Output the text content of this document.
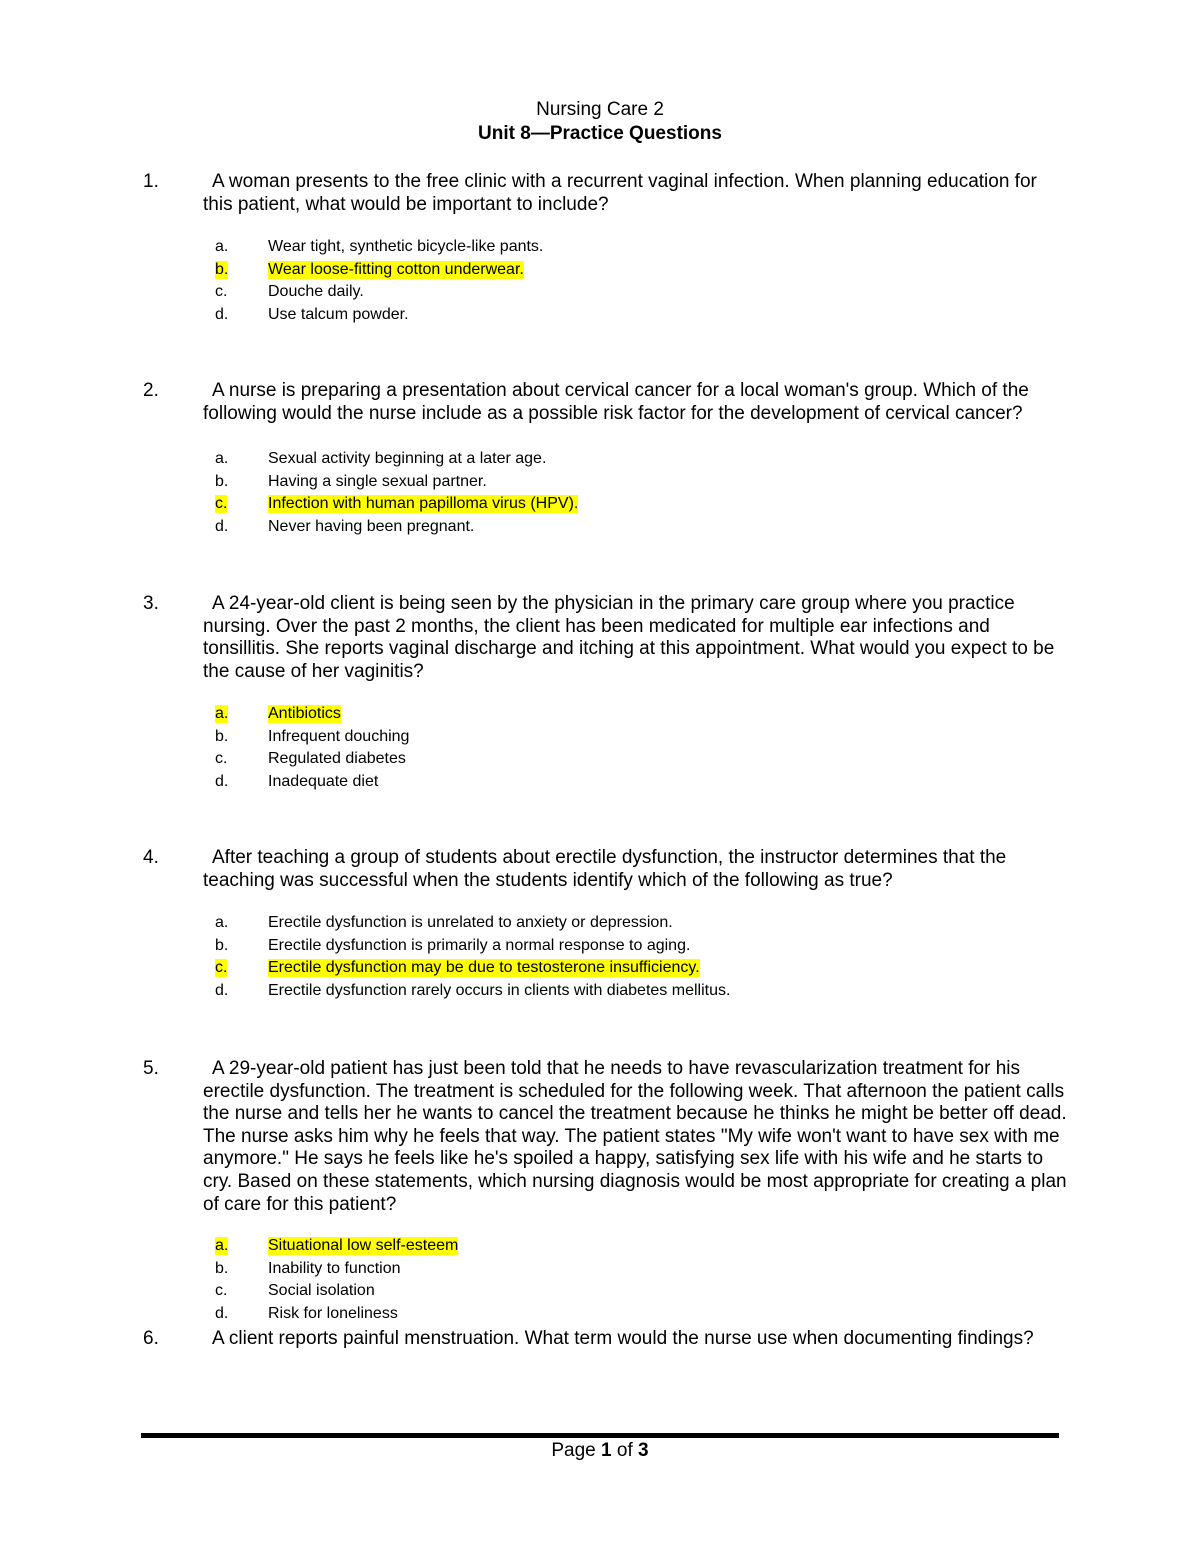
Nursing Care 2
Unit 8—Practice Questions
1.	A woman presents to the free clinic with a recurrent vaginal infection. When planning education for this patient, what would be important to include?
a. Wear tight, synthetic bicycle-like pants.
b. Wear loose-fitting cotton underwear.
c.	Douche daily.
d. Use talcum powder.
2.	A nurse is preparing a presentation about cervical cancer for a local woman's group. Which of the following would the nurse include as a possible risk factor for the development of cervical cancer?
a. Sexual activity beginning at a later age.
b. Having a single sexual partner.
c.	Infection with human papilloma virus (HPV).
d. Never having been pregnant.
3.	A 24-year-old client is being seen by the physician in the primary care group where you practice nursing. Over the past 2 months, the client has been medicated for multiple ear infections and tonsillitis. She reports vaginal discharge and itching at this appointment. What would you expect to be the cause of her vaginitis?
a. Antibiotics
b. Infrequent douching
c.	Regulated diabetes
d. Inadequate diet
4.	After teaching a group of students about erectile dysfunction, the instructor determines that the teaching was successful when the students identify which of the following as true?
a. Erectile dysfunction is unrelated to anxiety or depression.
b. Erectile dysfunction is primarily a normal response to aging.
c.	Erectile dysfunction may be due to testosterone insufficiency.
d. Erectile dysfunction rarely occurs in clients with diabetes mellitus.
5.	A 29-year-old patient has just been told that he needs to have revascularization treatment for his erectile dysfunction. The treatment is scheduled for the following week. That afternoon the patient calls the nurse and tells her he wants to cancel the treatment because he thinks he might be better off dead. The nurse asks him why he feels that way. The patient states "My wife won't want to have sex with me anymore." He says he feels like he's spoiled a happy, satisfying sex life with his wife and he starts to cry. Based on these statements, which nursing diagnosis would be most appropriate for creating a plan of care for this patient?
a. Situational low self-esteem
b. Inability to function
c.	Social isolation
d. Risk for loneliness
6.	A client reports painful menstruation. What term would the nurse use when documenting findings?
Page 1 of 3
